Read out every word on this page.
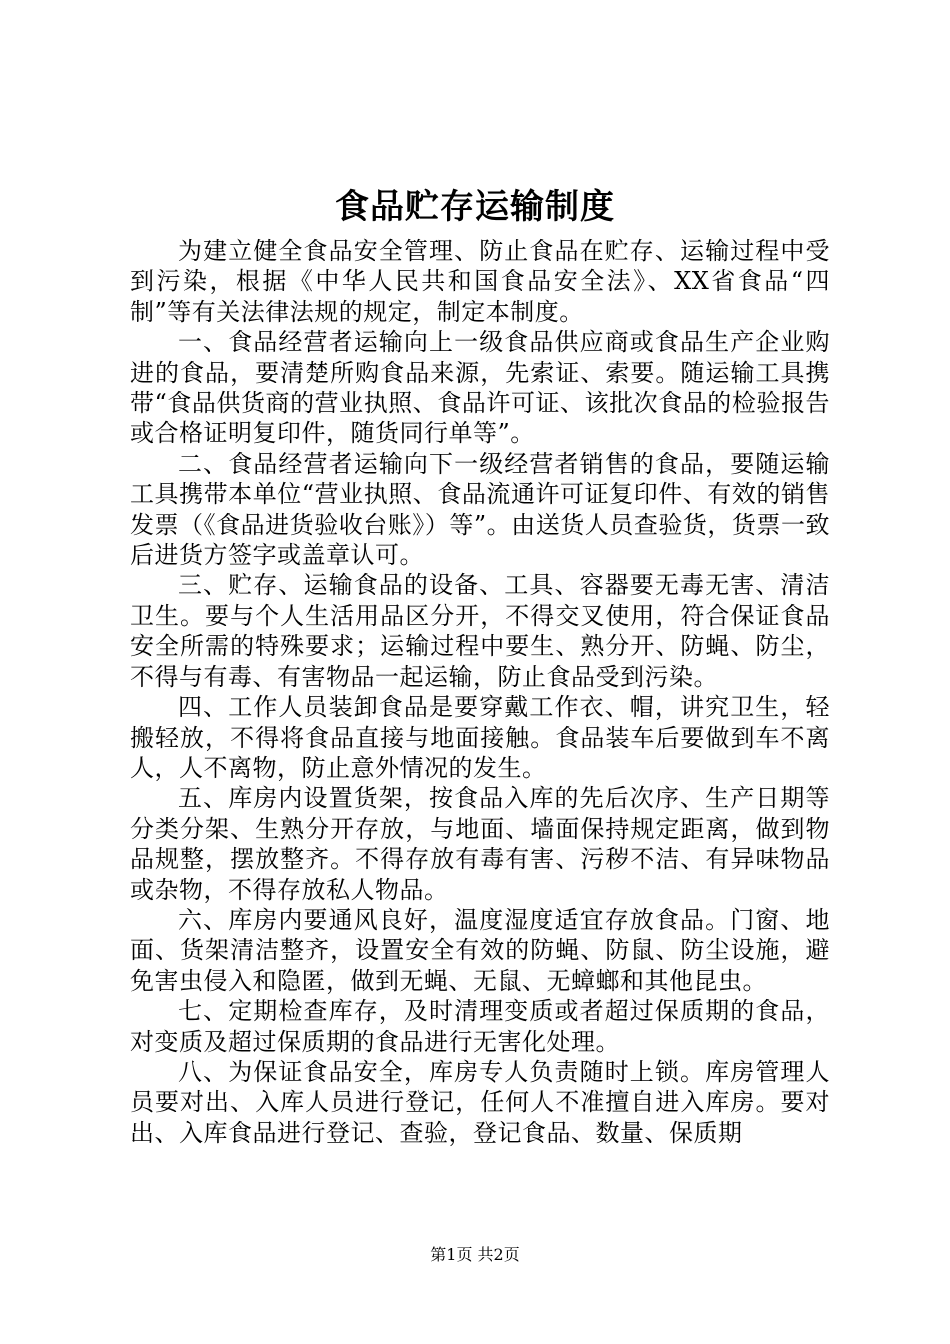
食品贮存运输制度

为建立健全食品安全管理、防止食品在贮存、运输过程中受到污染，根据《中华人民共和国食品安全法》、XX省食品“四制”等有关法律法规的规定，制定本制度。

一、食品经营者运输向上一级食品供应商或食品生产企业购进的食品，要清楚所购食品来源，先索证、索要。随运输工具携带“食品供货商的营业执照、食品许可证、该批次食品的检验报告或合格证明复印件，随货同行单等”。

二、食品经营者运输向下一级经营者销售的食品，要随运输工具携带本单位“营业执照、食品流通许可证复印件、有效的销售发票（《食品进货验收台账》）等”。由送货人员查验货，货票一致后进货方签字或盖章认可。

三、贮存、运输食品的设备、工具、容器要无毒无害、清洁卫生。要与个人生活用品区分开，不得交叉使用，符合保证食品安全所需的特殊要求；运输过程中要生、熟分开、防蝇、防尘，不得与有毒、有害物品一起运输，防止食品受到污染。

四、工作人员装卸食品是要穿戴工作衣、帽，讲究卫生，轻搬轻放，不得将食品直接与地面接触。食品装车后要做到车不离人，人不离物，防止意外情况的发生。

五、库房内设置货架，按食品入库的先后次序、生产日期等分类分架、生熟分开存放，与地面、墙面保持规定距离，做到物品规整，摆放整齐。不得存放有毒有害、污秽不洁、有异味物品或杂物，不得存放私人物品。

六、库房内要通风良好，温度湿度适宜存放食品。门窗、地面、货架清洁整齐，设置安全有效的防蝇、防鼠、防尘设施，避免害虫侵入和隐匿，做到无蝇、无鼠、无蟑螂和其他昆虫。

七、定期检查库存，及时清理变质或者超过保质期的食品，对变质及超过保质期的食品进行无害化处理。

八、为保证食品安全，库房专人负责随时上锁。库房管理人员要对出、入库人员进行登记，任何人不准擅自进入库房。要对出、入库食品进行登记、查验，登记食品、数量、保质期

第1页 共2页
